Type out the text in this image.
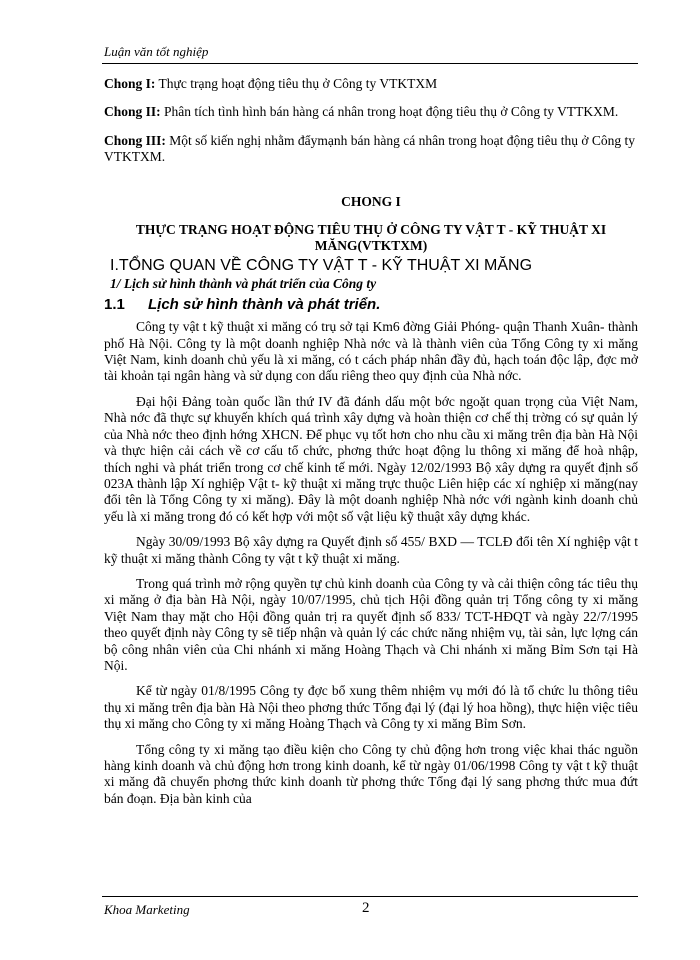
Luận văn tốt nghiệp
Chong I: Thực trạng hoạt động tiêu thụ ở Công ty VTKTXM
Chong II: Phân tích tình hình bán hàng cá nhân trong hoạt động tiêu thụ ở Công ty VTTKXM.
Chong III: Một số kiến nghị nhằm đẩymạnh bán hàng cá nhân trong hoạt động tiêu thụ ở Công ty VTKTXM.
CHONG I
THỰC TRẠNG HOẠT ĐỘNG TIÊU THỤ Ở CÔNG TY VẬT T - KỸ THUẬT XI MĂNG(VTKTXM)
I.TỔNG QUAN VỀ CÔNG TY VẬT T - KỸ THUẬT XI MĂNG
1/ Lịch sử hình thành và phát triển của Công ty
1.1 Lịch sử hình thành và phát triển.

Công ty vật t kỹ thuật xi măng có trụ sở tại Km6 đờng Giải Phóng- quận Thanh Xuân- thành phố Hà Nội. Công ty là một doanh nghiệp Nhà nớc và là thành viên của Tổng Công ty xi măng Việt Nam, kinh doanh chủ yếu là xi măng, có t cách pháp nhân đầy đủ, hạch toán độc lập, đợc mở tài khoản tại ngân hàng và sử dụng con dấu riêng theo quy định của Nhà nớc.

Đại hội Đảng toàn quốc lần thứ IV đã đánh dấu một bớc ngoặt quan trọng của Việt Nam, Nhà nớc đã thực sự khuyến khích quá trình xây dựng và hoàn thiện cơ chế thị trờng có sự quản lý của Nhà nớc theo định hớng XHCN. Để phục vụ tốt hơn cho nhu cầu xi măng trên địa bàn Hà Nội và thực hiện cải cách về cơ cấu tổ chức, phơng thức hoạt động lu thông xi măng để hoà nhập, thích nghi và phát triển trong cơ chế kinh tế mới. Ngày 12/02/1993 Bộ xây dựng ra quyết định số 023A thành lập Xí nghiệp Vật t- kỹ thuật xi măng trực thuộc Liên hiệp các xí nghiệp xi măng(nay đổi tên là Tổng Công ty xi măng). Đây là một doanh nghiệp Nhà nớc với ngành kinh doanh chủ yếu là xi măng trong đó có kết hợp với một số vật liệu kỹ thuật xây dựng khác.

Ngày 30/09/1993 Bộ xây dựng ra Quyết định số 455/ BXD — TCLĐ đổi tên Xí nghiệp vật t kỹ thuật xi măng thành Công ty vật t kỹ thuật xi măng.

Trong quá trình mở rộng quyền tự chủ kinh doanh của Công ty và cải thiện công tác tiêu thụ xi măng ở địa bàn Hà Nội, ngày 10/07/1995, chủ tịch Hội đồng quản trị Tổng công ty xi măng Việt Nam thay mặt cho Hội đồng quản trị ra quyết định số 833/ TCT-HĐQT và ngày 22/7/1995 theo quyết định này Công ty sẽ tiếp nhận và quản lý các chức năng nhiệm vụ, tài sản, lực lợng cán bộ công nhân viên của Chi nhánh xi măng Hoàng Thạch và Chi nhánh xi măng Bỉm Sơn tại Hà Nội.

Kể từ ngày 01/8/1995 Công ty đợc bổ xung thêm nhiệm vụ mới đó là tổ chức lu thông tiêu thụ xi măng trên địa bàn Hà Nội theo phơng thức Tổng đại lý (đại lý hoa hồng), thực hiện việc tiêu thụ xi măng cho Công ty xi măng Hoàng Thạch và Công ty xi măng Bỉm Sơn.

Tổng công ty xi măng tạo điều kiện cho Công ty chủ động hơn trong việc khai thác nguồn hàng kinh doanh và chủ động hơn trong kinh doanh, kể từ ngày 01/06/1998 Công ty vật t kỹ thuật xi măng đã chuyển phơng thức kinh doanh từ phơng thức Tổng đại lý sang phơng thức mua đứt bán đoạn. Địa bàn kinh của

Khoa Marketing	2
